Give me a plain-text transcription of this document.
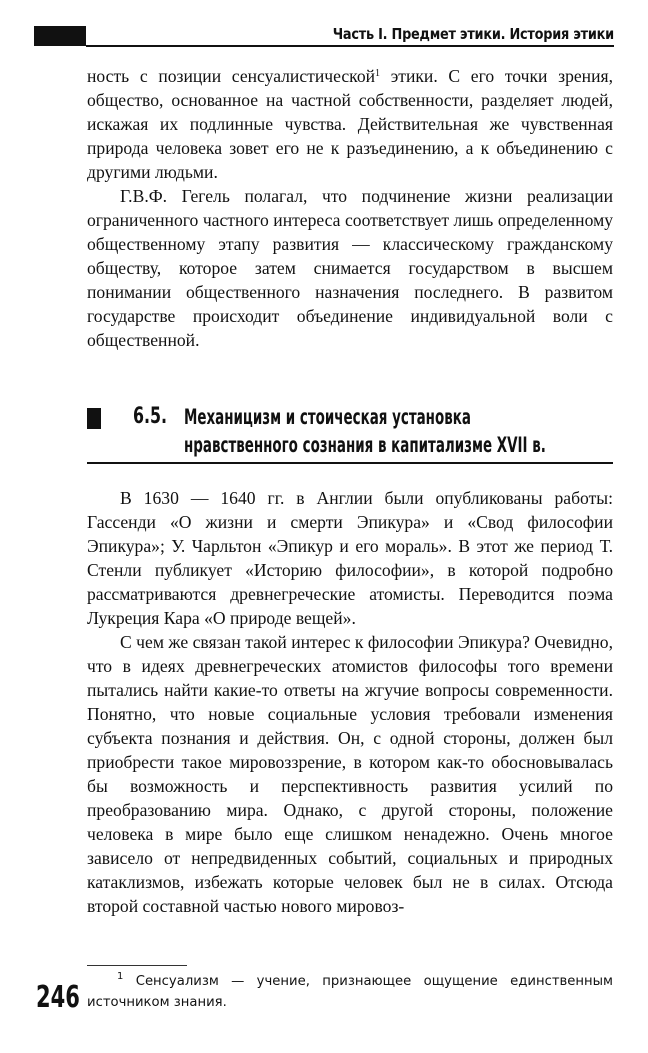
Часть I. Предмет этики. История этики

ность с позиции сенсуалистической$^1$ этики. С его точки зрения, общество, основанное на частной собственности, разделяет людей, искажая их подлинные чувства. Действительная же чувственная природа человека зовет его не к разъединению, а к объединению с другими людьми.

Г.В.Ф. Гегель полагал, что подчинение жизни реализации ограниченного частного интереса соответствует лишь определенному общественному этапу развития — классическому гражданскому обществу, которое затем снимается государством в высшем понимании общественного назначения последнего. В развитом государстве происходит объединение индивидуальной воли с общественной.

6.5. Механицизм и стоическая установка
нравственного сознания в капитализме XVII в.

В 1630 — 1640 гг. в Англии были опубликованы работы: Гассенди «О жизни и смерти Эпикура» и «Свод философии Эпикура»; У. Чарльтон «Эпикур и его мораль». В этот же период Т. Стенли публикует «Историю философии», в которой подробно рассматриваются древнегреческие атомисты. Переводится поэма Лукреция Кара «О природе вещей».

С чем же связан такой интерес к философии Эпикура? Очевидно, что в идеях древнегреческих атомистов философы того времени пытались найти какие-то ответы на жгучие вопросы современности. Понятно, что новые социальные условия требовали изменения субъекта познания и действия. Он, с одной стороны, должен был приобрести такое мировоззрение, в котором как-то обосновывалась бы возможность и перспективность развития усилий по преобразованию мира. Однако, с другой стороны, положение человека в мире было еще слишком ненадежно. Очень многое зависело от непредвиденных событий, социальных и природных катаклизмов, избежать которые человек был не в силах. Отсюда второй составной частью нового мировоз-

$^1$ Сенсуализм — учение, признающее ощущение единственным источником знания.

246
